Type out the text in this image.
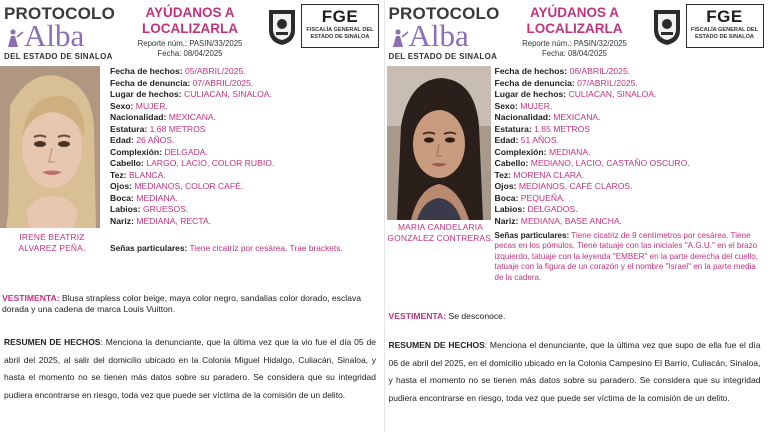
PROTOCOLO
Alba
DEL ESTADO DE SINALOA
AYÚDANOS A
LOCALIZARLA
Reporte núm.: PASIN/33/2025
Fecha: 08/04/2025
FGE
FISCALÍA GENERAL DEL
ESTADO DE SINALOA
IRENE BEATRIZ
ALVAREZ PEÑA.
Fecha de hechos: 05/ABRIL/2025.
Fecha de denuncia: 07/ABRIL/2025.
Lugar de hechos: CULIACAN, SINALOA.
Sexo: MUJER.
Nacionalidad: MEXICANA.
Estatura: 1.68 METROS
Edad: 26 AÑOS.
Complexión: DELGADA.
Cabello: LARGO, LACIO, COLOR RUBIO.
Tez: BLANCA.
Ojos: MEDIANOS, COLOR CAFÉ.
Boca: MEDIANA.
Labios: GRUESOS.
Nariz: MEDIANA, RECTA.
Señas particulares: Tiene cicatriz por cesárea. Trae brackets.
VESTIMENTA: Blusa strapless color beige, maya color negro, sandalias color dorado, esclava dorada y una cadena de marca Louis Vuitton.
RESUMEN DE HECHOS: Menciona la denunciante, que la última vez que la vio fue el día 05 de abril del 2025, al salir del domicilio ubicado en la Colonia Miguel Hidalgo, Culiacán, Sinaloa, y hasta el momento no se tienen más datos sobre su paradero. Se considera que su integridad pudiera encontrarse en riesgo, toda vez que puede ser víctima de la comisión de un delito.
PROTOCOLO
Alba
DEL ESTADO DE SINALOA
AYÚDANOS A
LOCALIZARLA
Reporte núm.: PASIN/32/2025
Fecha: 08/04/2025
FGE
FISCALÍA GENERAL DEL
ESTADO DE SINALOA
MARIA CANDELARIA
GONZALEZ CONTRERAS.
Fecha de hechos: 06/ABRIL/2025.
Fecha de denuncia: 07/ABRIL/2025.
Lugar de hechos: CULIACAN, SINALOA.
Sexo: MUJER.
Nacionalidad: MEXICANA.
Estatura: 1.85 METROS
Edad: 51 AÑOS.
Complexión: MEDIANA.
Cabello: MEDIANO, LACIO, CASTAÑO OSCURO.
Tez: MORENA CLARA.
Ojos: MEDIANOS, CAFÉ CLAROS.
Boca: PEQUEÑA.
Labios: DELGADOS.
Nariz: MEDIANA, BASE ANCHA.
Señas particulares: Tiene cicatriz de 9 centímetros por cesárea. Tiene pecas en los pómulos. Tiene tatuaje con las iniciales "A.G.U." en el brazo izquierdo, tatuaje con la leyenda "EMBER" en la parte derecha del cuello, tatuaje con la figura de un corazón y el nombre "Israel" en la parte media de la cadera.
VESTIMENTA: Se desconoce.
RESUMEN DE HECHOS: Menciona el denunciante, que la última vez que supo de ella fue el día 06 de abril del 2025, en el domicilio ubicado en la Colonia Campesino El Barrio, Culiacán, Sinaloa, y hasta el momento no se tienen más datos sobre su paradero. Se considera que su integridad pudiera encontrarse en riesgo, toda vez que puede ser víctima de la comisión de un delito.
